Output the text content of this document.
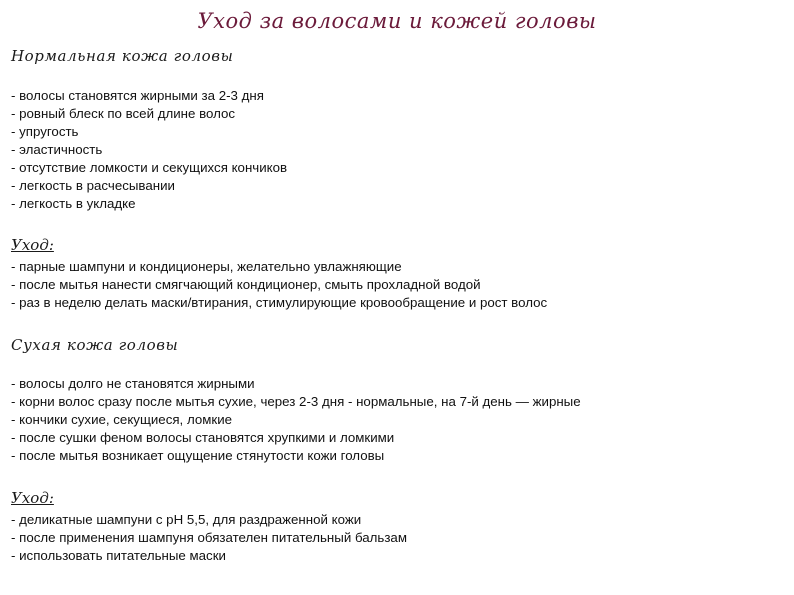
Уход за волосами и кожей головы
Нормальная кожа головы
- волосы становятся жирными за 2-3 дня
- ровный блеск по всей длине волос
- упругость
- эластичность
- отсутствие ломкости и секущихся кончиков
- легкость в расчесывании
- легкость в укладке
Уход:
- парные шампуни и кондиционеры, желательно увлажняющие
- после мытья нанести смягчающий кондиционер, смыть прохладной водой
- раз в неделю делать маски/втирания, стимулирующие кровообращение и рост волос
Сухая кожа головы
- волосы долго не становятся жирными
- корни волос сразу после мытья сухие, через 2-3 дня - нормальные, на 7-й день — жирные
- кончики сухие, секущиеся, ломкие
- после сушки феном волосы становятся хрупкими и ломкими
- после мытья возникает ощущение стянутости кожи головы
Уход:
- деликатные шампуни с pH 5,5, для раздраженной кожи
- после применения шампуня обязателен питательный бальзам
- использовать питательные маски
